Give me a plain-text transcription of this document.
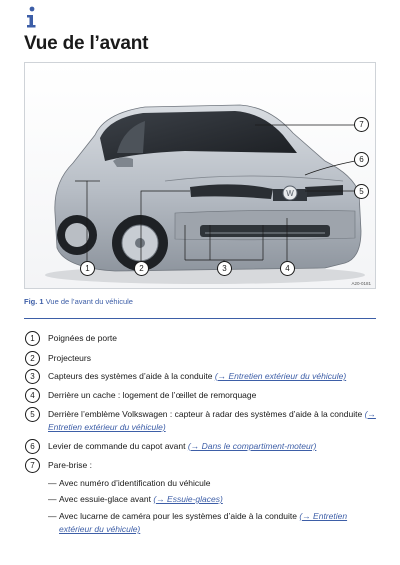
Vue de l’avant
W
1	2	3	4
5
6
7
A20-0181
Fig. 1 Vue de l’avant du véhicule
1	Poignées de porte
2	Projecteurs
3	Capteurs des systèmes d’aide à la conduite (→ Entretien extérieur du véhicule)
4	Derrière un cache : logement de l’œillet de remorquage
5	Derrière l’emblème Volkswagen : capteur à radar des systèmes d’aide à la conduite (→ Entretien extérieur du véhicule)
6	Levier de commande du capot avant (→ Dans le compartiment-moteur)
7	Pare-brise :
— Avec numéro d’identification du véhicule
— Avec essuie-glace avant (→ Essuie-glaces)
— Avec lucarne de caméra pour les systèmes d’aide à la conduite (→ Entretien extérieur du véhicule)
